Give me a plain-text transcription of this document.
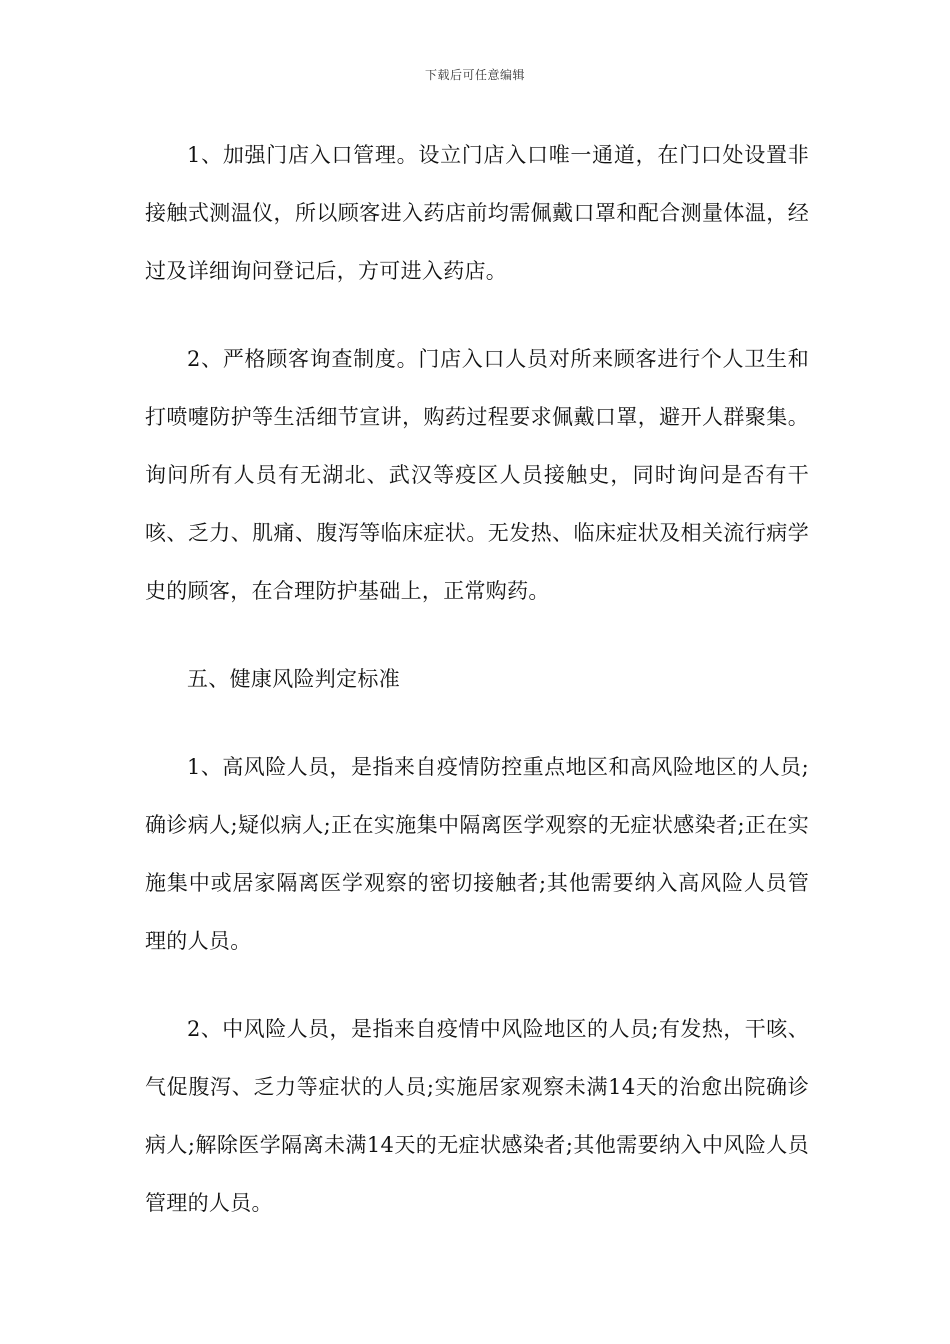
下载后可任意编辑

1、加强门店入口管理。设立门店入口唯一通道，在门口处设置非接触式测温仪，所以顾客进入药店前均需佩戴口罩和配合测量体温，经过及详细询问登记后，方可进入药店。

2、严格顾客询查制度。门店入口人员对所来顾客进行个人卫生和打喷嚏防护等生活细节宣讲，购药过程要求佩戴口罩，避开人群聚集。询问所有人员有无湖北、武汉等疫区人员接触史，同时询问是否有干咳、乏力、肌痛、腹泻等临床症状。无发热、临床症状及相关流行病学史的顾客，在合理防护基础上，正常购药。

五、健康风险判定标准

1、高风险人员，是指来自疫情防控重点地区和高风险地区的人员;确诊病人;疑似病人;正在实施集中隔离医学观察的无症状感染者;正在实施集中或居家隔离医学观察的密切接触者;其他需要纳入高风险人员管理的人员。

2、中风险人员，是指来自疫情中风险地区的人员;有发热，干咳、气促腹泻、乏力等症状的人员;实施居家观察未满14天的治愈出院确诊病人;解除医学隔离未满14天的无症状感染者;其他需要纳入中风险人员管理的人员。
